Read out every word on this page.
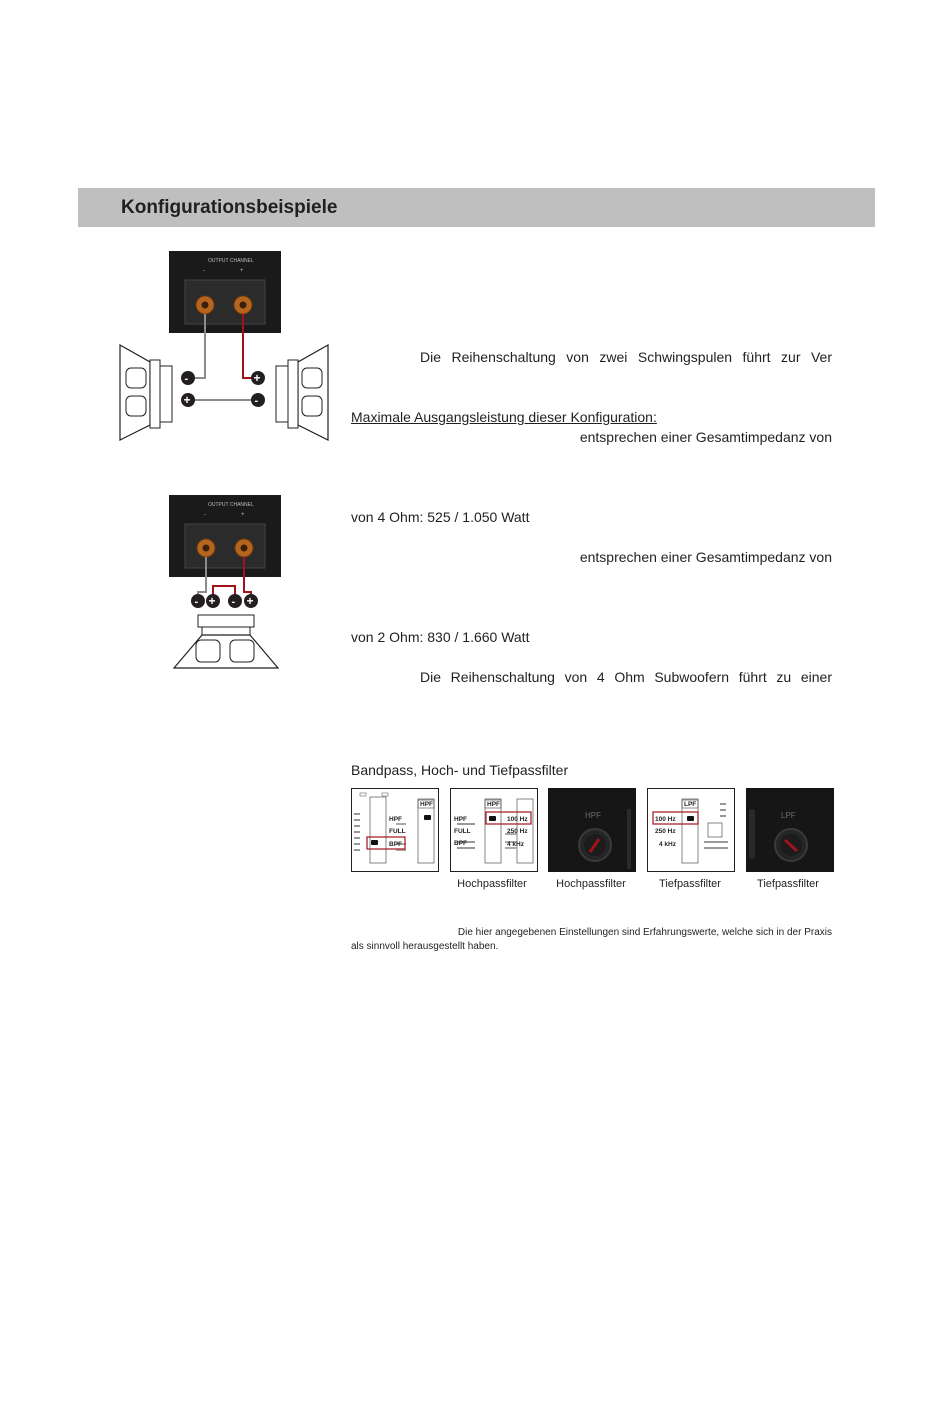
Konfigurationsbeispiele
OUTPUT CHANNEL
-	+
-
+
+
-
OUTPUT CHANNEL
-	+
- + - +
Die Reihenschaltung von zwei Schwingspulen führt zur Ver
Maximale Ausgangsleistung dieser Konfiguration:
entsprechen einer Gesamtimpedanz von
von 4 Ohm: 525 / 1.050 Watt
entsprechen einer Gesamtimpedanz von
von 2 Ohm: 830 / 1.660 Watt
Die Reihenschaltung von 4 Ohm Subwoofern führt zu einer
Bandpass, Hoch- und Tiefpassfilter
HPF
HPF
FULL
BPF
HPF
HPF
FULL
BPF
100 Hz
250 Hz
4 kHz
HPF
LPF
100 Hz
250 Hz
4 kHz
LPF
Hochpassfilter	Hochpassfilter	Tiefpassfilter	Tiefpassfilter
Die hier angegebenen Einstellungen sind Erfahrungswerte, welche sich in der Praxis
als sinnvoll herausgestellt haben.
